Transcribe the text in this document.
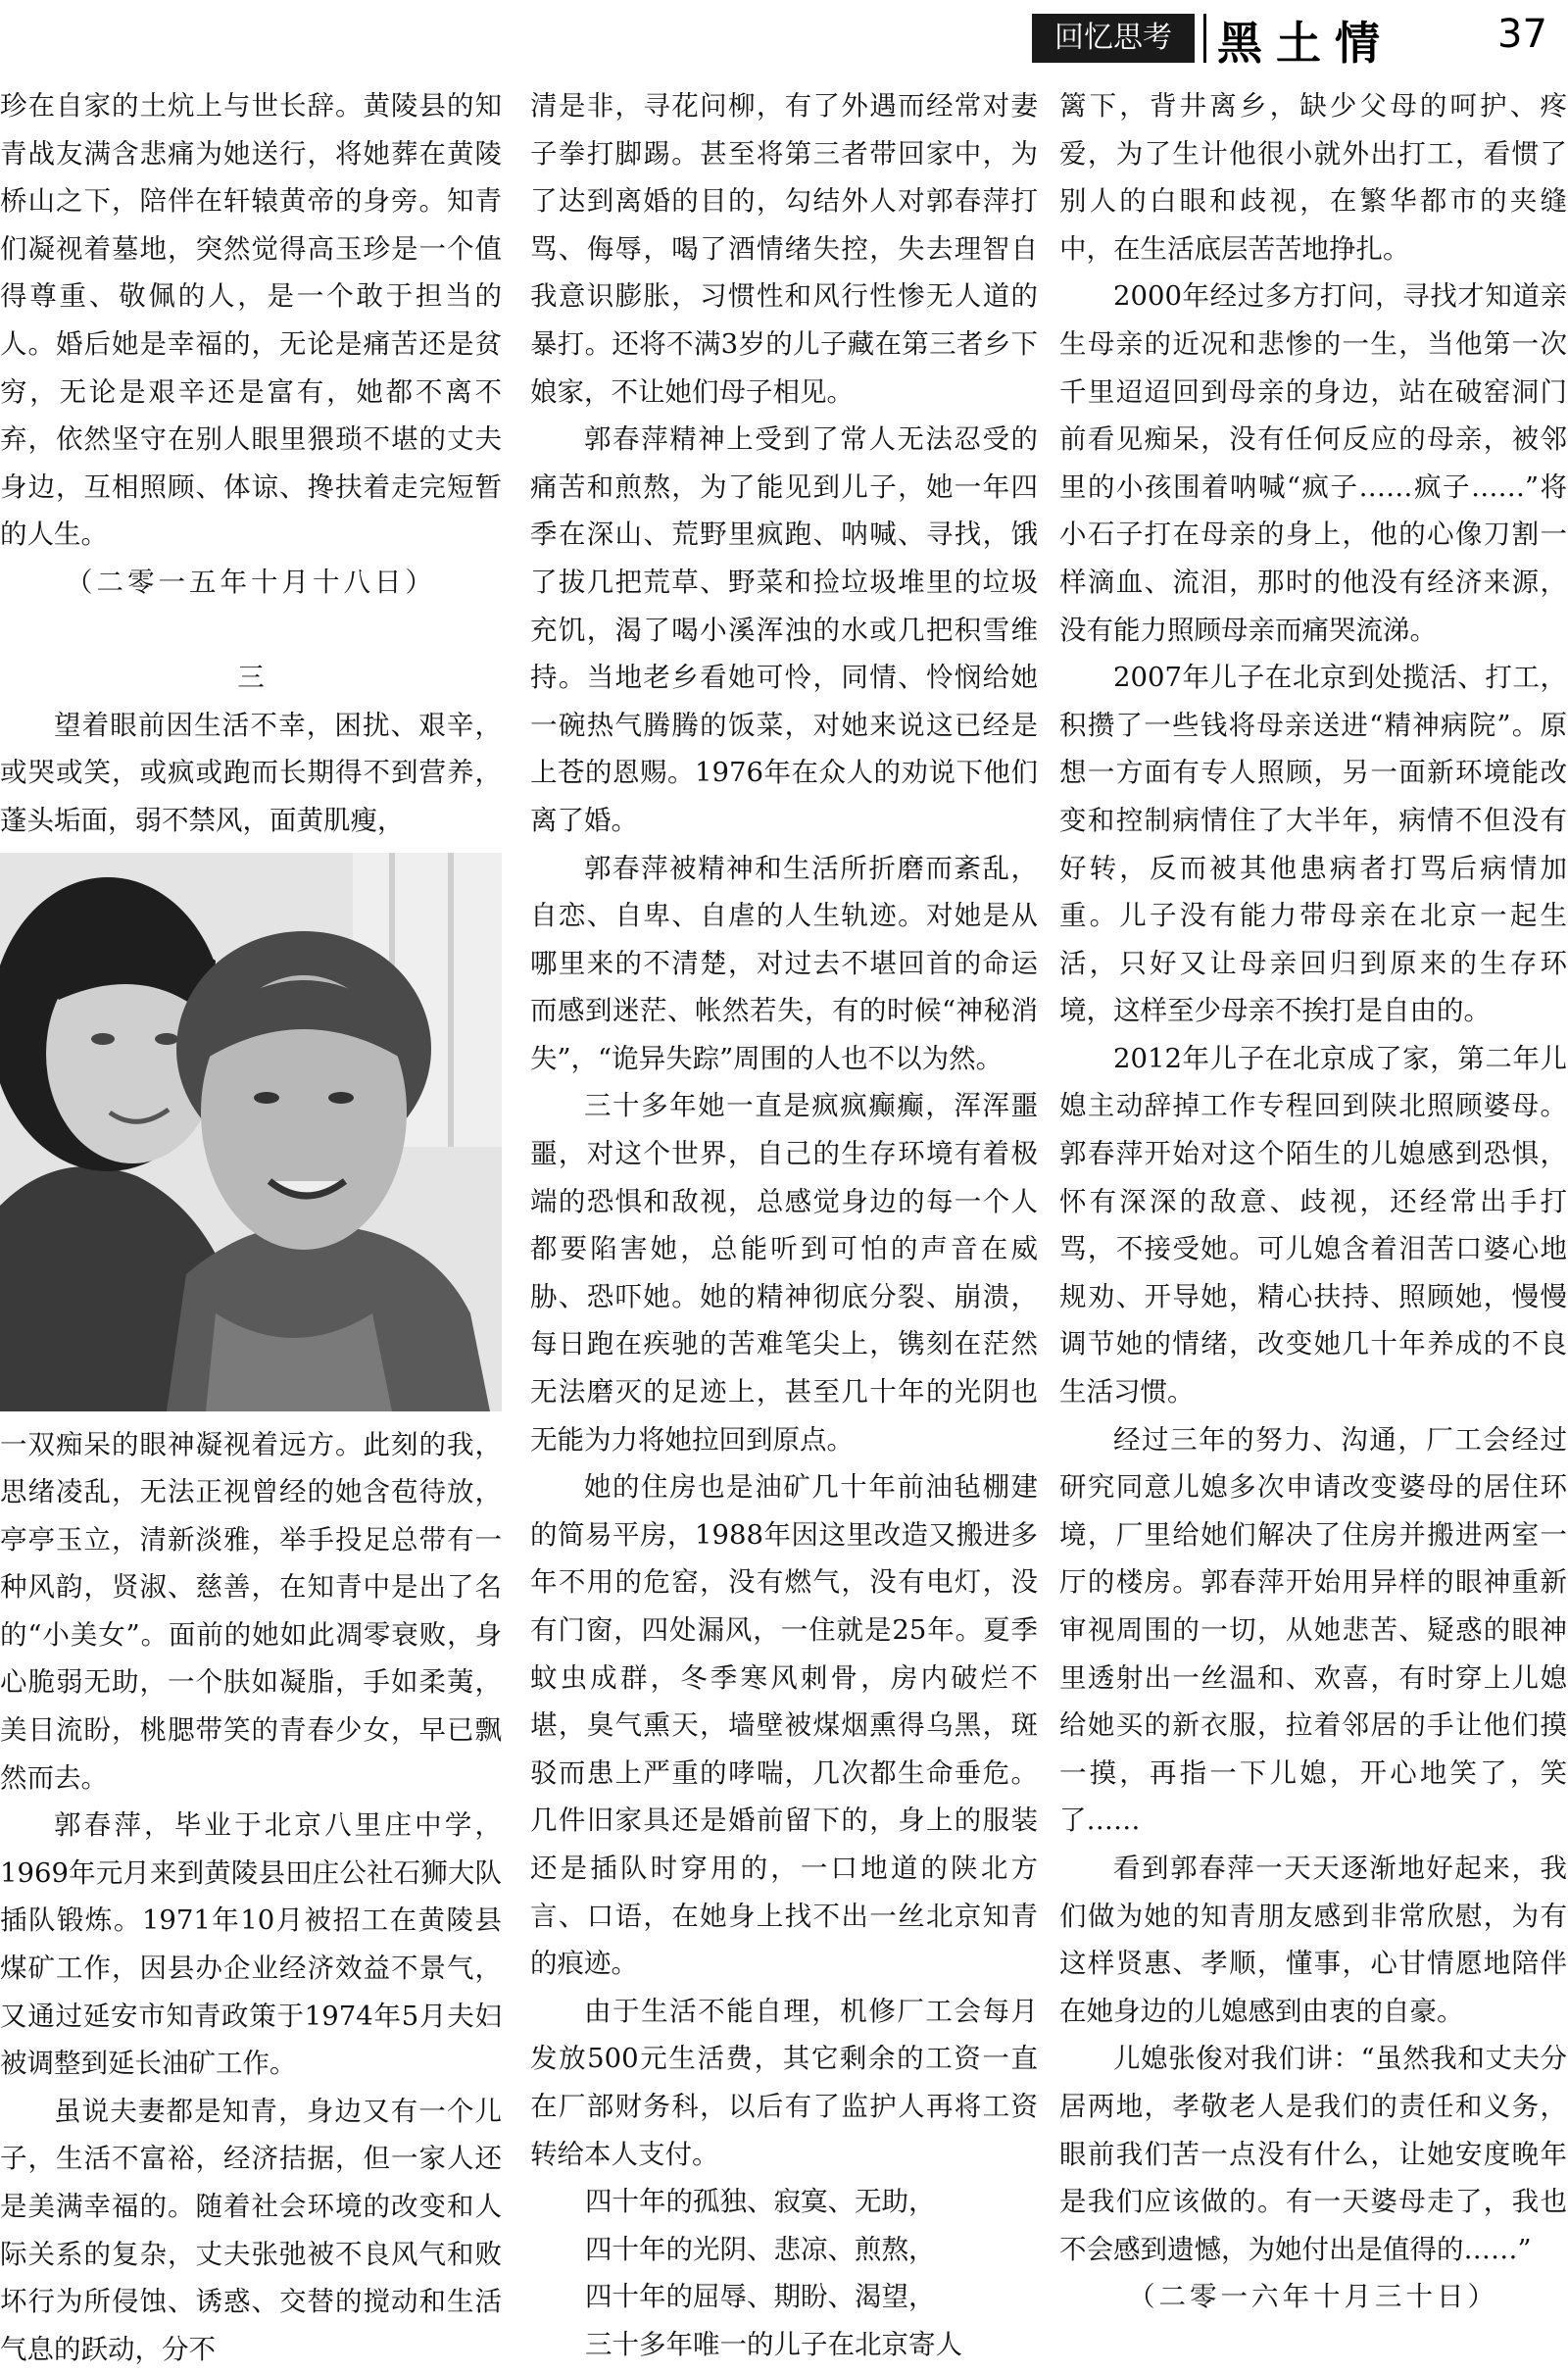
回忆思考	黑土情	37

珍在自家的土炕上与世长辞。黄陵县的知青战友满含悲痛为她送行，将她葬在黄陵桥山之下，陪伴在轩辕黄帝的身旁。知青们凝视着墓地，突然觉得高玉珍是一个值得尊重、敬佩的人，是一个敢于担当的人。婚后她是幸福的，无论是痛苦还是贫穷，无论是艰辛还是富有，她都不离不弃，依然坚守在别人眼里猥琐不堪的丈夫身边，互相照顾、体谅、搀扶着走完短暂的人生。

（二零一五年十月十八日）

三

望着眼前因生活不幸，困扰、艰辛，或哭或笑，或疯或跑而长期得不到营养，蓬头垢面，弱不禁风，面黄肌瘦，

一双痴呆的眼神凝视着远方。此刻的我，思绪凌乱，无法正视曾经的她含苞待放，亭亭玉立，清新淡雅，举手投足总带有一种风韵，贤淑、慈善，在知青中是出了名的“小美女”。面前的她如此凋零衰败，身心脆弱无助，一个肤如凝脂，手如柔荑，美目流盼，桃腮带笑的青春少女，早已飘然而去。

郭春萍，毕业于北京八里庄中学，1969年元月来到黄陵县田庄公社石狮大队插队锻炼。1971年10月被招工在黄陵县煤矿工作，因县办企业经济效益不景气，又通过延安市知青政策于1974年5月夫妇被调整到延长油矿工作。

虽说夫妻都是知青，身边又有一个儿子，生活不富裕，经济拮据，但一家人还是美满幸福的。随着社会环境的改变和人际关系的复杂，丈夫张弛被不良风气和败坏行为所侵蚀、诱惑、交替的搅动和生活气息的跃动，分不

清是非，寻花问柳，有了外遇而经常对妻子拳打脚踢。甚至将第三者带回家中，为了达到离婚的目的，勾结外人对郭春萍打骂、侮辱，喝了酒情绪失控，失去理智自我意识膨胀，习惯性和风行性惨无人道的暴打。还将不满3岁的儿子藏在第三者乡下娘家，不让她们母子相见。

郭春萍精神上受到了常人无法忍受的痛苦和煎熬，为了能见到儿子，她一年四季在深山、荒野里疯跑、呐喊、寻找，饿了拔几把荒草、野菜和捡垃圾堆里的垃圾充饥，渴了喝小溪浑浊的水或几把积雪维持。当地老乡看她可怜，同情、怜悯给她一碗热气腾腾的饭菜，对她来说这已经是上苍的恩赐。1976年在众人的劝说下他们离了婚。

郭春萍被精神和生活所折磨而紊乱，自恋、自卑、自虐的人生轨迹。对她是从哪里来的不清楚，对过去不堪回首的命运而感到迷茫、帐然若失，有的时候“神秘消失”，“诡异失踪”周围的人也不以为然。

三十多年她一直是疯疯癫癫，浑浑噩噩，对这个世界，自己的生存环境有着极端的恐惧和敌视，总感觉身边的每一个人都要陷害她，总能听到可怕的声音在威胁、恐吓她。她的精神彻底分裂、崩溃，每日跑在疾驰的苦难笔尖上，镌刻在茫然无法磨灭的足迹上，甚至几十年的光阴也无能为力将她拉回到原点。

她的住房也是油矿几十年前油毡棚建的简易平房，1988年因这里改造又搬进多年不用的危窑，没有燃气，没有电灯，没有门窗，四处漏风，一住就是25年。夏季蚊虫成群，冬季寒风刺骨，房内破烂不堪，臭气熏天，墙壁被煤烟熏得乌黑，斑驳而患上严重的哮喘，几次都生命垂危。几件旧家具还是婚前留下的，身上的服装还是插队时穿用的，一口地道的陕北方言、口语，在她身上找不出一丝北京知青的痕迹。

由于生活不能自理，机修厂工会每月发放500元生活费，其它剩余的工资一直在厂部财务科，以后有了监护人再将工资转给本人支付。

四十年的孤独、寂寞、无助，

四十年的光阴、悲凉、煎熬，

四十年的屈辱、期盼、渴望，

三十多年唯一的儿子在北京寄人

篱下，背井离乡，缺少父母的呵护、疼爱，为了生计他很小就外出打工，看惯了别人的白眼和歧视，在繁华都市的夹缝中，在生活底层苦苦地挣扎。

2000年经过多方打问，寻找才知道亲生母亲的近况和悲惨的一生，当他第一次千里迢迢回到母亲的身边，站在破窑洞门前看见痴呆，没有任何反应的母亲，被邻里的小孩围着呐喊“疯子……疯子……”将小石子打在母亲的身上，他的心像刀割一样滴血、流泪，那时的他没有经济来源，没有能力照顾母亲而痛哭流涕。

2007年儿子在北京到处揽活、打工，积攒了一些钱将母亲送进“精神病院”。原想一方面有专人照顾，另一面新环境能改变和控制病情住了大半年，病情不但没有好转，反而被其他患病者打骂后病情加重。儿子没有能力带母亲在北京一起生活，只好又让母亲回归到原来的生存环境，这样至少母亲不挨打是自由的。

2012年儿子在北京成了家，第二年儿媳主动辞掉工作专程回到陕北照顾婆母。郭春萍开始对这个陌生的儿媳感到恐惧，怀有深深的敌意、歧视，还经常出手打骂，不接受她。可儿媳含着泪苦口婆心地规劝、开导她，精心扶持、照顾她，慢慢调节她的情绪，改变她几十年养成的不良生活习惯。

经过三年的努力、沟通，厂工会经过研究同意儿媳多次申请改变婆母的居住环境，厂里给她们解决了住房并搬进两室一厅的楼房。郭春萍开始用异样的眼神重新审视周围的一切，从她悲苦、疑惑的眼神里透射出一丝温和、欢喜，有时穿上儿媳给她买的新衣服，拉着邻居的手让他们摸一摸，再指一下儿媳，开心地笑了，笑了……

看到郭春萍一天天逐渐地好起来，我们做为她的知青朋友感到非常欣慰，为有这样贤惠、孝顺，懂事，心甘情愿地陪伴在她身边的儿媳感到由衷的自豪。

儿媳张俊对我们讲：“虽然我和丈夫分居两地，孝敬老人是我们的责任和义务，眼前我们苦一点没有什么，让她安度晚年是我们应该做的。有一天婆母走了，我也不会感到遗憾，为她付出是值得的……”

（二零一六年十月三十日）
